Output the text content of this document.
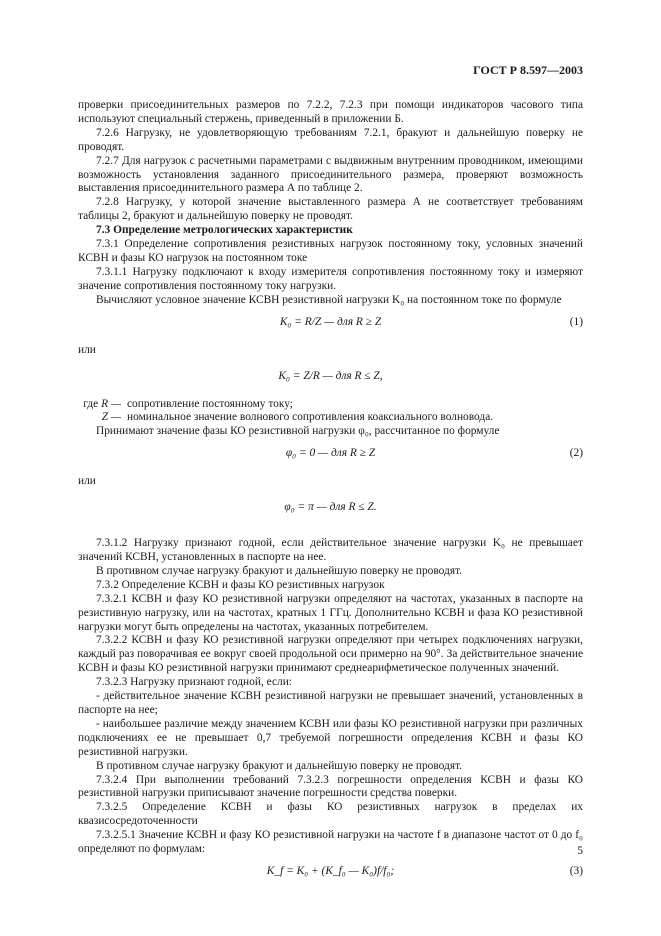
ГОСТ Р 8.597—2003

проверки присоединительных размеров по 7.2.2, 7.2.3 при помощи индикаторов часового типа используют специальный стержень, приведенный в приложении Б.

7.2.6 Нагрузку, не удовлетворяющую требованиям 7.2.1, бракуют и дальнейшую поверку не проводят.

7.2.7 Для нагрузок с расчетными параметрами с выдвижным внутренним проводником, имеющими возможность установления заданного присоединительного размера, проверяют возможность выставления присоединительного размера А по таблице 2.

7.2.8 Нагрузку, у которой значение выставленного размера А не соответствует требованиям таблицы 2, бракуют и дальнейшую поверку не проводят.

7.3 Определение метрологических характеристик

7.3.1 Определение сопротивления резистивных нагрузок постоянному току, условных значений КСВН и фазы КО нагрузок на постоянном токе

7.3.1.1 Нагрузку подключают к входу измерителя сопротивления постоянному току и измеряют значение сопротивления постоянному току нагрузки.

Вычисляют условное значение КСВН резистивной нагрузки K₀ на постоянном токе по формуле

K₀ = R/Z — для R ≥ Z	(1)

или

K₀ = Z/R — для R ≤ Z,
где R — сопротивление постоянному току;
Z — номинальное значение волнового сопротивления коаксиального волновода.

Принимают значение фазы КО резистивной нагрузки φ₀, рассчитанное по формуле

φ₀ = 0 — для R ≥ Z	(2)

или

φ₀ = π — для R ≤ Z.

7.3.1.2 Нагрузку признают годной, если действительное значение нагрузки K₀ не превышает значений КСВН, установленных в паспорте на нее.

В противном случае нагрузку бракуют и дальнейшую поверку не проводят.

7.3.2 Определение КСВН и фазы КО резистивных нагрузок

7.3.2.1 КСВН и фазу КО резистивной нагрузки определяют на частотах, указанных в паспорте на резистивную нагрузку, или на частотах, кратных 1 ГГц. Дополнительно КСВН и фаза КО резистивной нагрузки могут быть определены на частотах, указанных потребителем.

7.3.2.2 КСВН и фазу КО резистивной нагрузки определяют при четырех подключениях нагрузки, каждый раз поворачивая ее вокруг своей продольной оси примерно на 90°. За действительное значение КСВН и фазы КО резистивной нагрузки принимают среднеарифметическое полученных значений.

7.3.2.3 Нагрузку признают годной, если:

- действительное значение КСВН резистивной нагрузки не превышает значений, установленных в паспорте на нее;

- наибольшее различие между значением КСВН или фазы КО резистивной нагрузки при различных подключениях ее не превышает 0,7 требуемой погрешности определения КСВН и фазы КО резистивной нагрузки.

В противном случае нагрузку бракуют и дальнейшую поверку не проводят.

7.3.2.4 При выполнении требований 7.3.2.3 погрешности определения КСВН и фазы КО резистивной нагрузки приписывают значение погрешности средства поверки.

7.3.2.5 Определение КСВН и фазы КО резистивных нагрузок в пределах их квазисосредоточенности

7.3.2.5.1 Значение КСВН и фазу КО резистивной нагрузки на частоте f в диапазоне частот от 0 до f₀ определяют по формулам:

K_f = K₀ + (K_f₀ — K₀)f/f₀;	(3)
5
